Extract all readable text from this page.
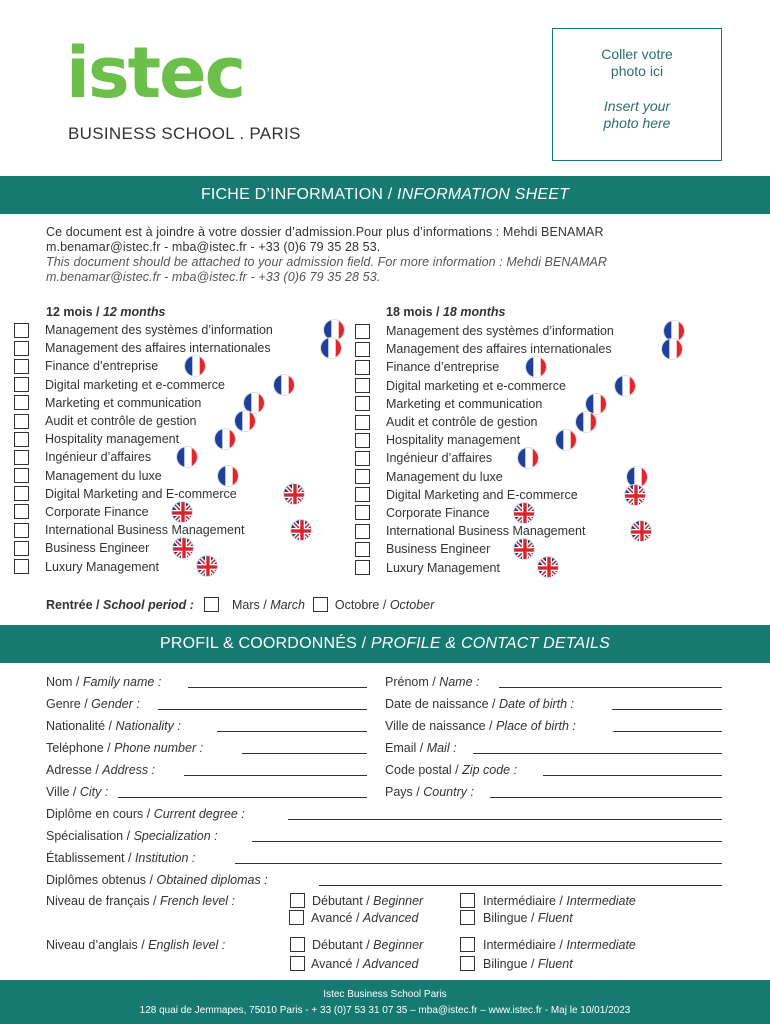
istec
BUSINESS SCHOOL . PARIS
Coller votre
photo ici
Insert your
photo here
FICHE D’INFORMATION /
INFORMATION SHEET
Ce document est à joindre à votre dossier d’admission.Pour plus d’informations : Mehdi BENAMAR
m.benamar@istec.fr - mba@istec.fr - +33 (0)6 79 35 28 53.
This document should be attached to your admission field. For more information : Mehdi BENAMAR
m.benamar@istec.fr - mba@istec.fr - +33 (0)6 79 35 28 53.
12 mois / 12 months	18 mois / 18 months
Management des systèmes d’information
Management des affaires internationales
Finance d’entreprise
Digital marketing et e-commerce
Marketing et communication
Audit et contrôle de gestion
Hospitality management
Ingénieur d’affaires
Management du luxe
Digital Marketing and E-commerce
Corporate Finance
International Business Management
Business Engineer
Luxury Management
Management des systèmes d’information
Management des affaires internationales
Finance d’entreprise
Digital marketing et e-commerce
Marketing et communication
Audit et contrôle de gestion
Hospitality management
Ingénieur d’affaires
Management du luxe
Digital Marketing and E-commerce
Corporate Finance
International Business Management
Business Engineer
Luxury Management
Rentrée / School period :	Mars / March Octobre / October
PROFIL & COORDONNÉS /
PROFILE & CONTACT DETAILS
Nom / Family name :	Prénom / Name :
Genre / Gender :	Date de naissance / Date of birth :
Nationalité / Nationality :	Ville de naissance / Place of birth :
Teléphone / Phone number :	Email / Mail :
Adresse / Address :	Code postal / Zip code :
Ville / City :	Pays / Country :
Diplôme en cours / Current degree :
Spécialisation / Specialization :
Établissement / Institution :
Diplômes obtenus / Obtained diplomas :
Niveau de français / French level :	Débutant / Beginner	Intermédiaire / Intermediate
Avancé / Advanced	Bilingue / Fluent
Niveau d’anglais / English level :	Débutant / Beginner	Intermédiaire / Intermediate
Avancé / Advanced	Bilingue / Fluent
Istec Business School Paris
128 quai de Jemmapes, 75010 Paris - + 33 (0)7 53 31 07 35 – mba@istec.fr – www.istec.fr - Maj le 10/01/2023
